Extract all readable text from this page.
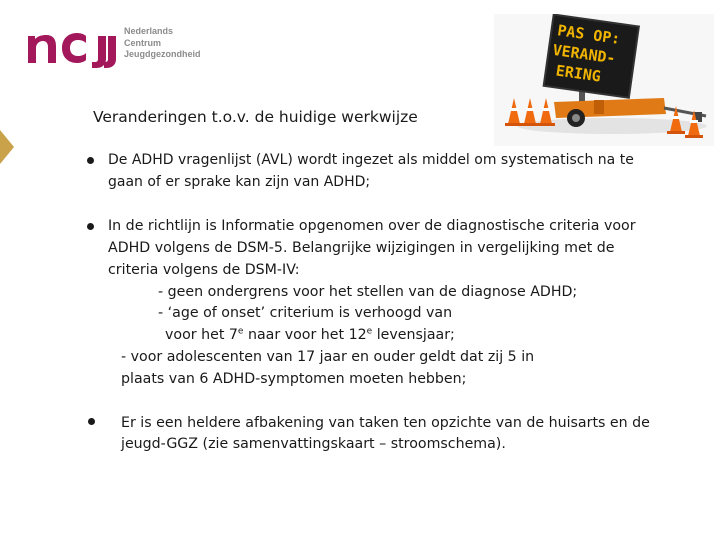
Nederlands
Centrum
Jeugdgezondheid
Veranderingen t.o.v. de huidige werkwijze
PAS OP:
VERAND-
ERING
De ADHD vragenlijst (AVL) wordt ingezet als middel om systematisch na te
gaan of er sprake kan zijn van ADHD;
In de richtlijn is Informatie opgenomen over de diagnostische criteria voor
ADHD volgens de DSM-5. Belangrijke wijzigingen in vergelijking met de
criteria volgens de DSM-IV:
- geen ondergrens voor het stellen van de diagnose ADHD;
- ‘age of onset’ criterium is verhoogd van
voor het 7e naar voor het 12e levensjaar;
- voor adolescenten van 17 jaar en ouder geldt dat zij 5 in
plaats van 6 ADHD-symptomen moeten hebben;
Er is een heldere afbakening van taken ten opzichte van de huisarts en de
jeugd-GGZ (zie samenvattingskaart – stroomschema).
